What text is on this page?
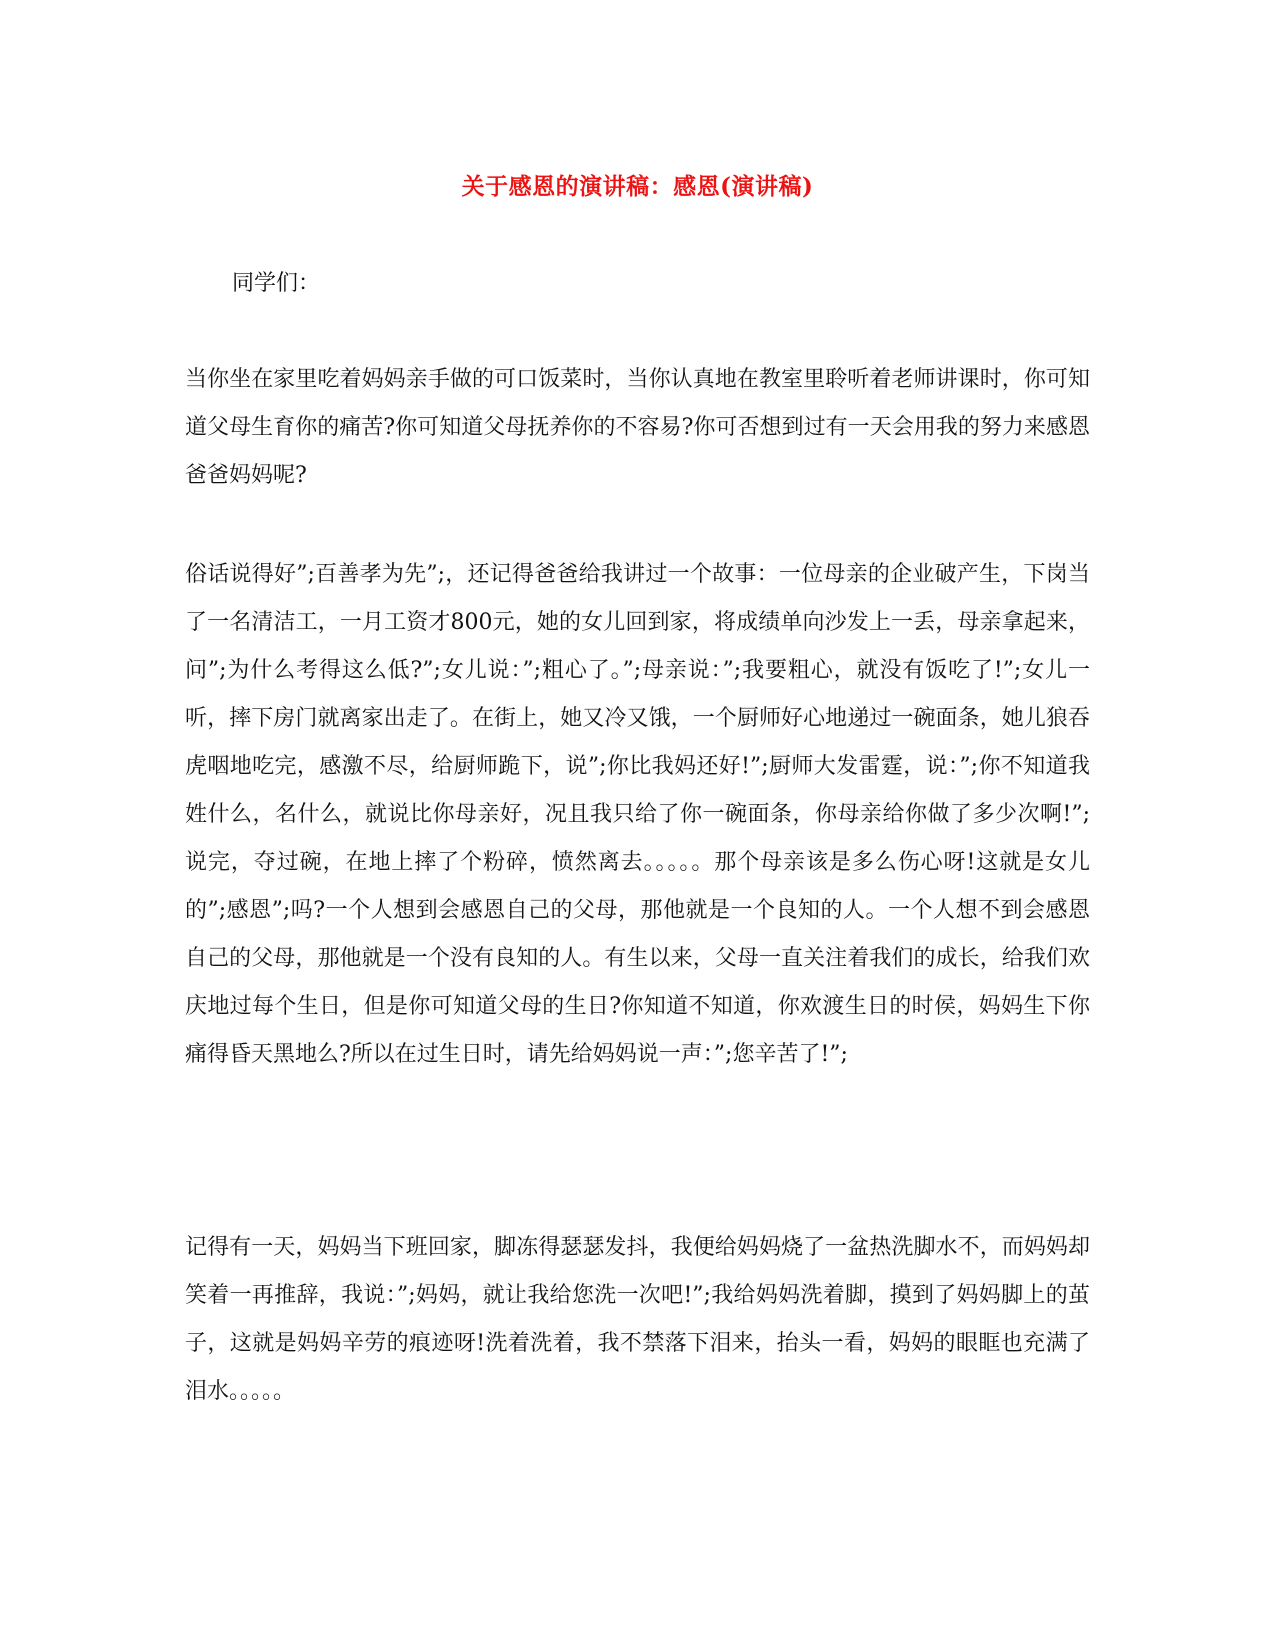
关于感恩的演讲稿：感恩(演讲稿)
同学们：

当你坐在家里吃着妈妈亲手做的可口饭菜时，当你认真地在教室里聆听着老师讲课时，你可知道父母生育你的痛苦?你可知道父母抚养你的不容易?你可否想到过有一天会用我的努力来感恩爸爸妈妈呢?

俗话说得好”;百善孝为先”;，还记得爸爸给我讲过一个故事：一位母亲的企业破产生，下岗当了一名清洁工，一月工资才800元，她的女儿回到家，将成绩单向沙发上一丢，母亲拿起来，问”;为什么考得这么低?”;女儿说：”;粗心了。”;母亲说：”;我要粗心，就没有饭吃了!”;女儿一听，摔下房门就离家出走了。在街上，她又冷又饿，一个厨师好心地递过一碗面条，她儿狼吞虎咽地吃完，感激不尽，给厨师跪下，说”;你比我妈还好!”;厨师大发雷霆，说：”;你不知道我姓什么，名什么，就说比你母亲好，况且我只给了你一碗面条，你母亲给你做了多少次啊!”;说完，夺过碗，在地上摔了个粉碎，愤然离去。。。。。那个母亲该是多么伤心呀!这就是女儿的”;感恩”;吗?一个人想到会感恩自己的父母，那他就是一个良知的人。一个人想不到会感恩自己的父母，那他就是一个没有良知的人。有生以来，父母一直关注着我们的成长，给我们欢庆地过每个生日，但是你可知道父母的生日?你知道不知道，你欢渡生日的时侯，妈妈生下你痛得昏天黑地么?所以在过生日时，请先给妈妈说一声：”;您辛苦了!”;

记得有一天，妈妈当下班回家，脚冻得瑟瑟发抖，我便给妈妈烧了一盆热洗脚水不，而妈妈却笑着一再推辞，我说：”;妈妈，就让我给您洗一次吧!”;我给妈妈洗着脚，摸到了妈妈脚上的茧子，这就是妈妈辛劳的痕迹呀!洗着洗着，我不禁落下泪来，抬头一看，妈妈的眼眶也充满了泪水。。。。。
